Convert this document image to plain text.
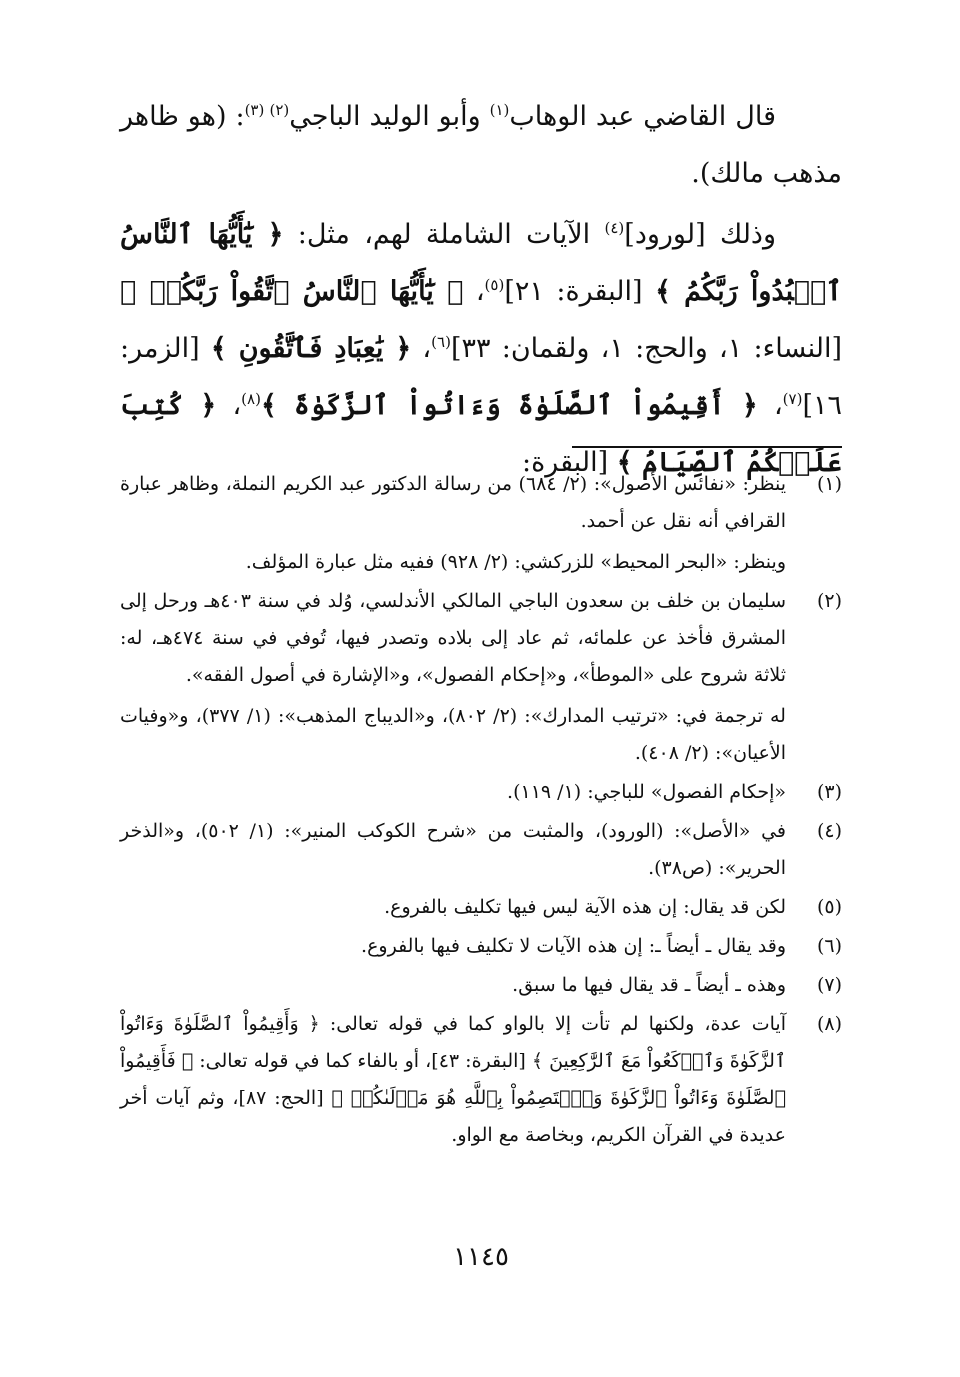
قال القاضي عبد الوهاب$^{(١)}$ وأبو الوليد الباجي$^{(٢)}$ $^{(٣)}$: (هو ظاهر مذهب مالك).

وذلك [لورود]$^{(٤)}$ الآيات الشاملة لهم، مثل: ﴿ يَٰٓأَيُّهَا ٱلنَّاسُ ٱعۡبُدُواْ رَبَّكُمُ ﴾ [البقرة: ٢١]$^{(٥)}$، ﴿ يَٰٓأَيُّهَا ٱلنَّاسُ ٱتَّقُواْ رَبَّكُمۡ ﴾ [النساء: ١، والحج: ١، ولقمان: ٣٣]$^{(٦)}$، ﴿ يَٰعِبَادِ فَٱتَّقُونِ ﴾ [الزمر: ١٦]$^{(٧)}$، ﴿ أَقِيمُواْ ٱلصَّلَوٰةَ وَءَاتُواْ ٱلزَّكَوٰةَ ﴾$^{(٨)}$، ﴿ كُتِبَ عَلَيۡكُمُ ٱلصِّيَامُ ﴾ [البقرة:

(١)

ينظر: «نفائس الأصول»: (٢/ ٦٨٤) من رسالة الدكتور عبد الكريم النملة، وظاهر عبارة القرافي أنه نقل عن أحمد.

وينظر: «البحر المحيط» للزركشي: (٢/ ٩٢٨) ففيه مثل عبارة المؤلف.

(٢)

سليمان بن خلف بن سعدون الباجي المالكي الأندلسي، وُلد في سنة ٤٠٣هـ ورحل إلى المشرق فأخذ عن علمائه، ثم عاد إلى بلاده وتصدر فيها، تُوفي في سنة ٤٧٤هـ، له: ثلاثة شروح على «الموطأ»، و«إحكام الفصول»، و«الإشارة في أصول الفقه».

له ترجمة في: «ترتيب المدارك»: (٢/ ٨٠٢)، و«الديباج المذهب»: (١/ ٣٧٧)، و«وفيات الأعيان»: (٢/ ٤٠٨).

(٣)

«إحكام الفصول» للباجي: (١/ ١١٩).

(٤)

في «الأصل»: (الورود)، والمثبت من «شرح الكوكب المنير»: (١/ ٥٠٢)، و«الذخر الحرير»: (ص٣٨).

(٥)

لكن قد يقال: إن هذه الآية ليس فيها تكليف بالفروع.

(٦)

وقد يقال ـ أيضاً ـ: إن هذه الآيات لا تكليف فيها بالفروع.

(٧)

وهذه ـ أيضاً ـ قد يقال فيها ما سبق.

(٨)

آيات عدة، ولكنها لم تأت إلا بالواو كما في قوله تعالى: ﴿ وَأَقِيمُواْ ٱلصَّلَوٰةَ وَءَاتُواْ ٱلزَّكَوٰةَ وَٱرۡكَعُواْ مَعَ ٱلرَّٰكِعِينَ ﴾ [البقرة: ٤٣]، أو بالفاء كما في قوله تعالى: ﴿ فَأَقِيمُواْ ٱلصَّلَوٰةَ وَءَاتُواْ ٱلزَّكَوٰةَ وَٱعۡتَصِمُواْ بِٱللَّهِ هُوَ مَوۡلَىٰكُمۡ ﴾ [الحج: ٨٧]، وثم آيات أخر عديدة في القرآن الكريم، وبخاصة مع الواو.

١١٤٥
